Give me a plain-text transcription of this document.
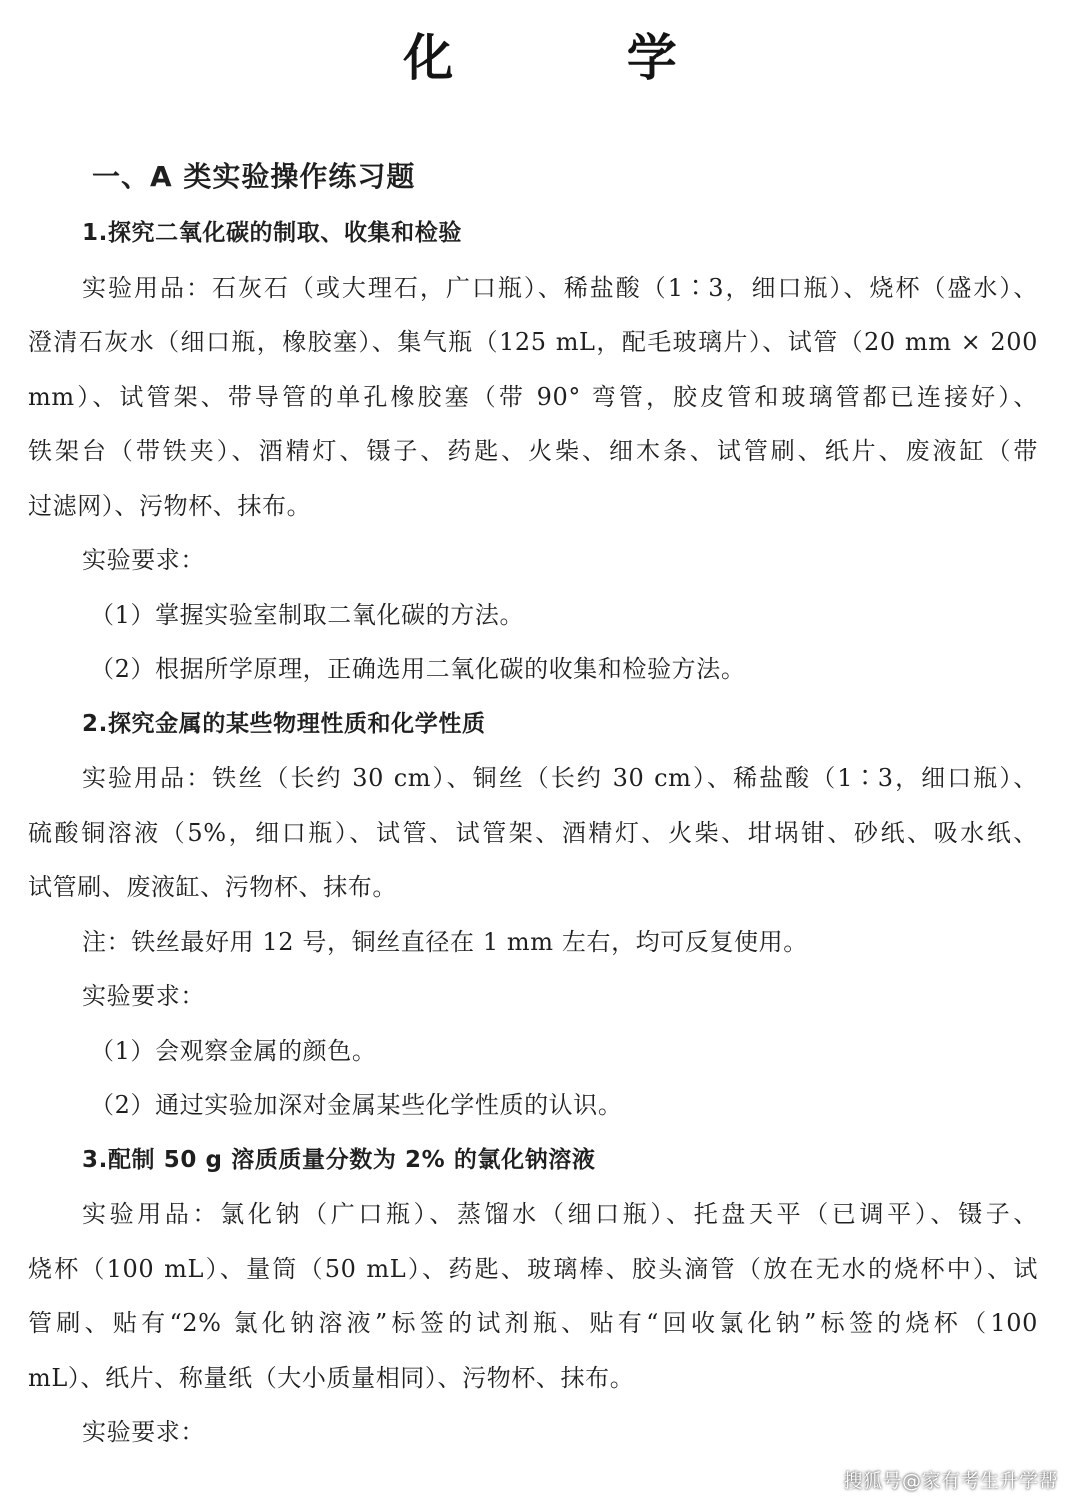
化 学
一、A 类实验操作练习题
1.探究二氧化碳的制取、收集和检验
实验用品：石灰石（或大理石，广口瓶）、稀盐酸（1∶3，细口瓶）、烧杯（盛水）、
澄清石灰水（细口瓶，橡胶塞）、集气瓶（125 mL，配毛玻璃片）、试管（20 mm × 200
mm）、试管架、带导管的单孔橡胶塞（带 90° 弯管，胶皮管和玻璃管都已连接好）、
铁架台（带铁夹）、酒精灯、镊子、药匙、火柴、细木条、试管刷、纸片、废液缸（带
过滤网）、污物杯、抹布。
实验要求：
（1）掌握实验室制取二氧化碳的方法。
（2）根据所学原理，正确选用二氧化碳的收集和检验方法。
2.探究金属的某些物理性质和化学性质
实验用品：铁丝（长约 30 cm）、铜丝（长约 30 cm）、稀盐酸（1∶3，细口瓶）、
硫酸铜溶液（5%，细口瓶）、试管、试管架、酒精灯、火柴、坩埚钳、砂纸、吸水纸、
试管刷、废液缸、污物杯、抹布。
注：铁丝最好用 12 号，铜丝直径在 1 mm 左右，均可反复使用。
实验要求：
（1）会观察金属的颜色。
（2）通过实验加深对金属某些化学性质的认识。
3.配制 50 g 溶质质量分数为 2% 的氯化钠溶液
实验用品：氯化钠（广口瓶）、蒸馏水（细口瓶）、托盘天平（已调平）、镊子、
烧杯（100 mL）、量筒（50 mL）、药匙、玻璃棒、胶头滴管（放在无水的烧杯中）、试
管刷、贴有“2% 氯化钠溶液”标签的试剂瓶、贴有“回收氯化钠”标签的烧杯（100
mL）、纸片、称量纸（大小质量相同）、污物杯、抹布。
实验要求：
搜狐号@家有考生升学帮
